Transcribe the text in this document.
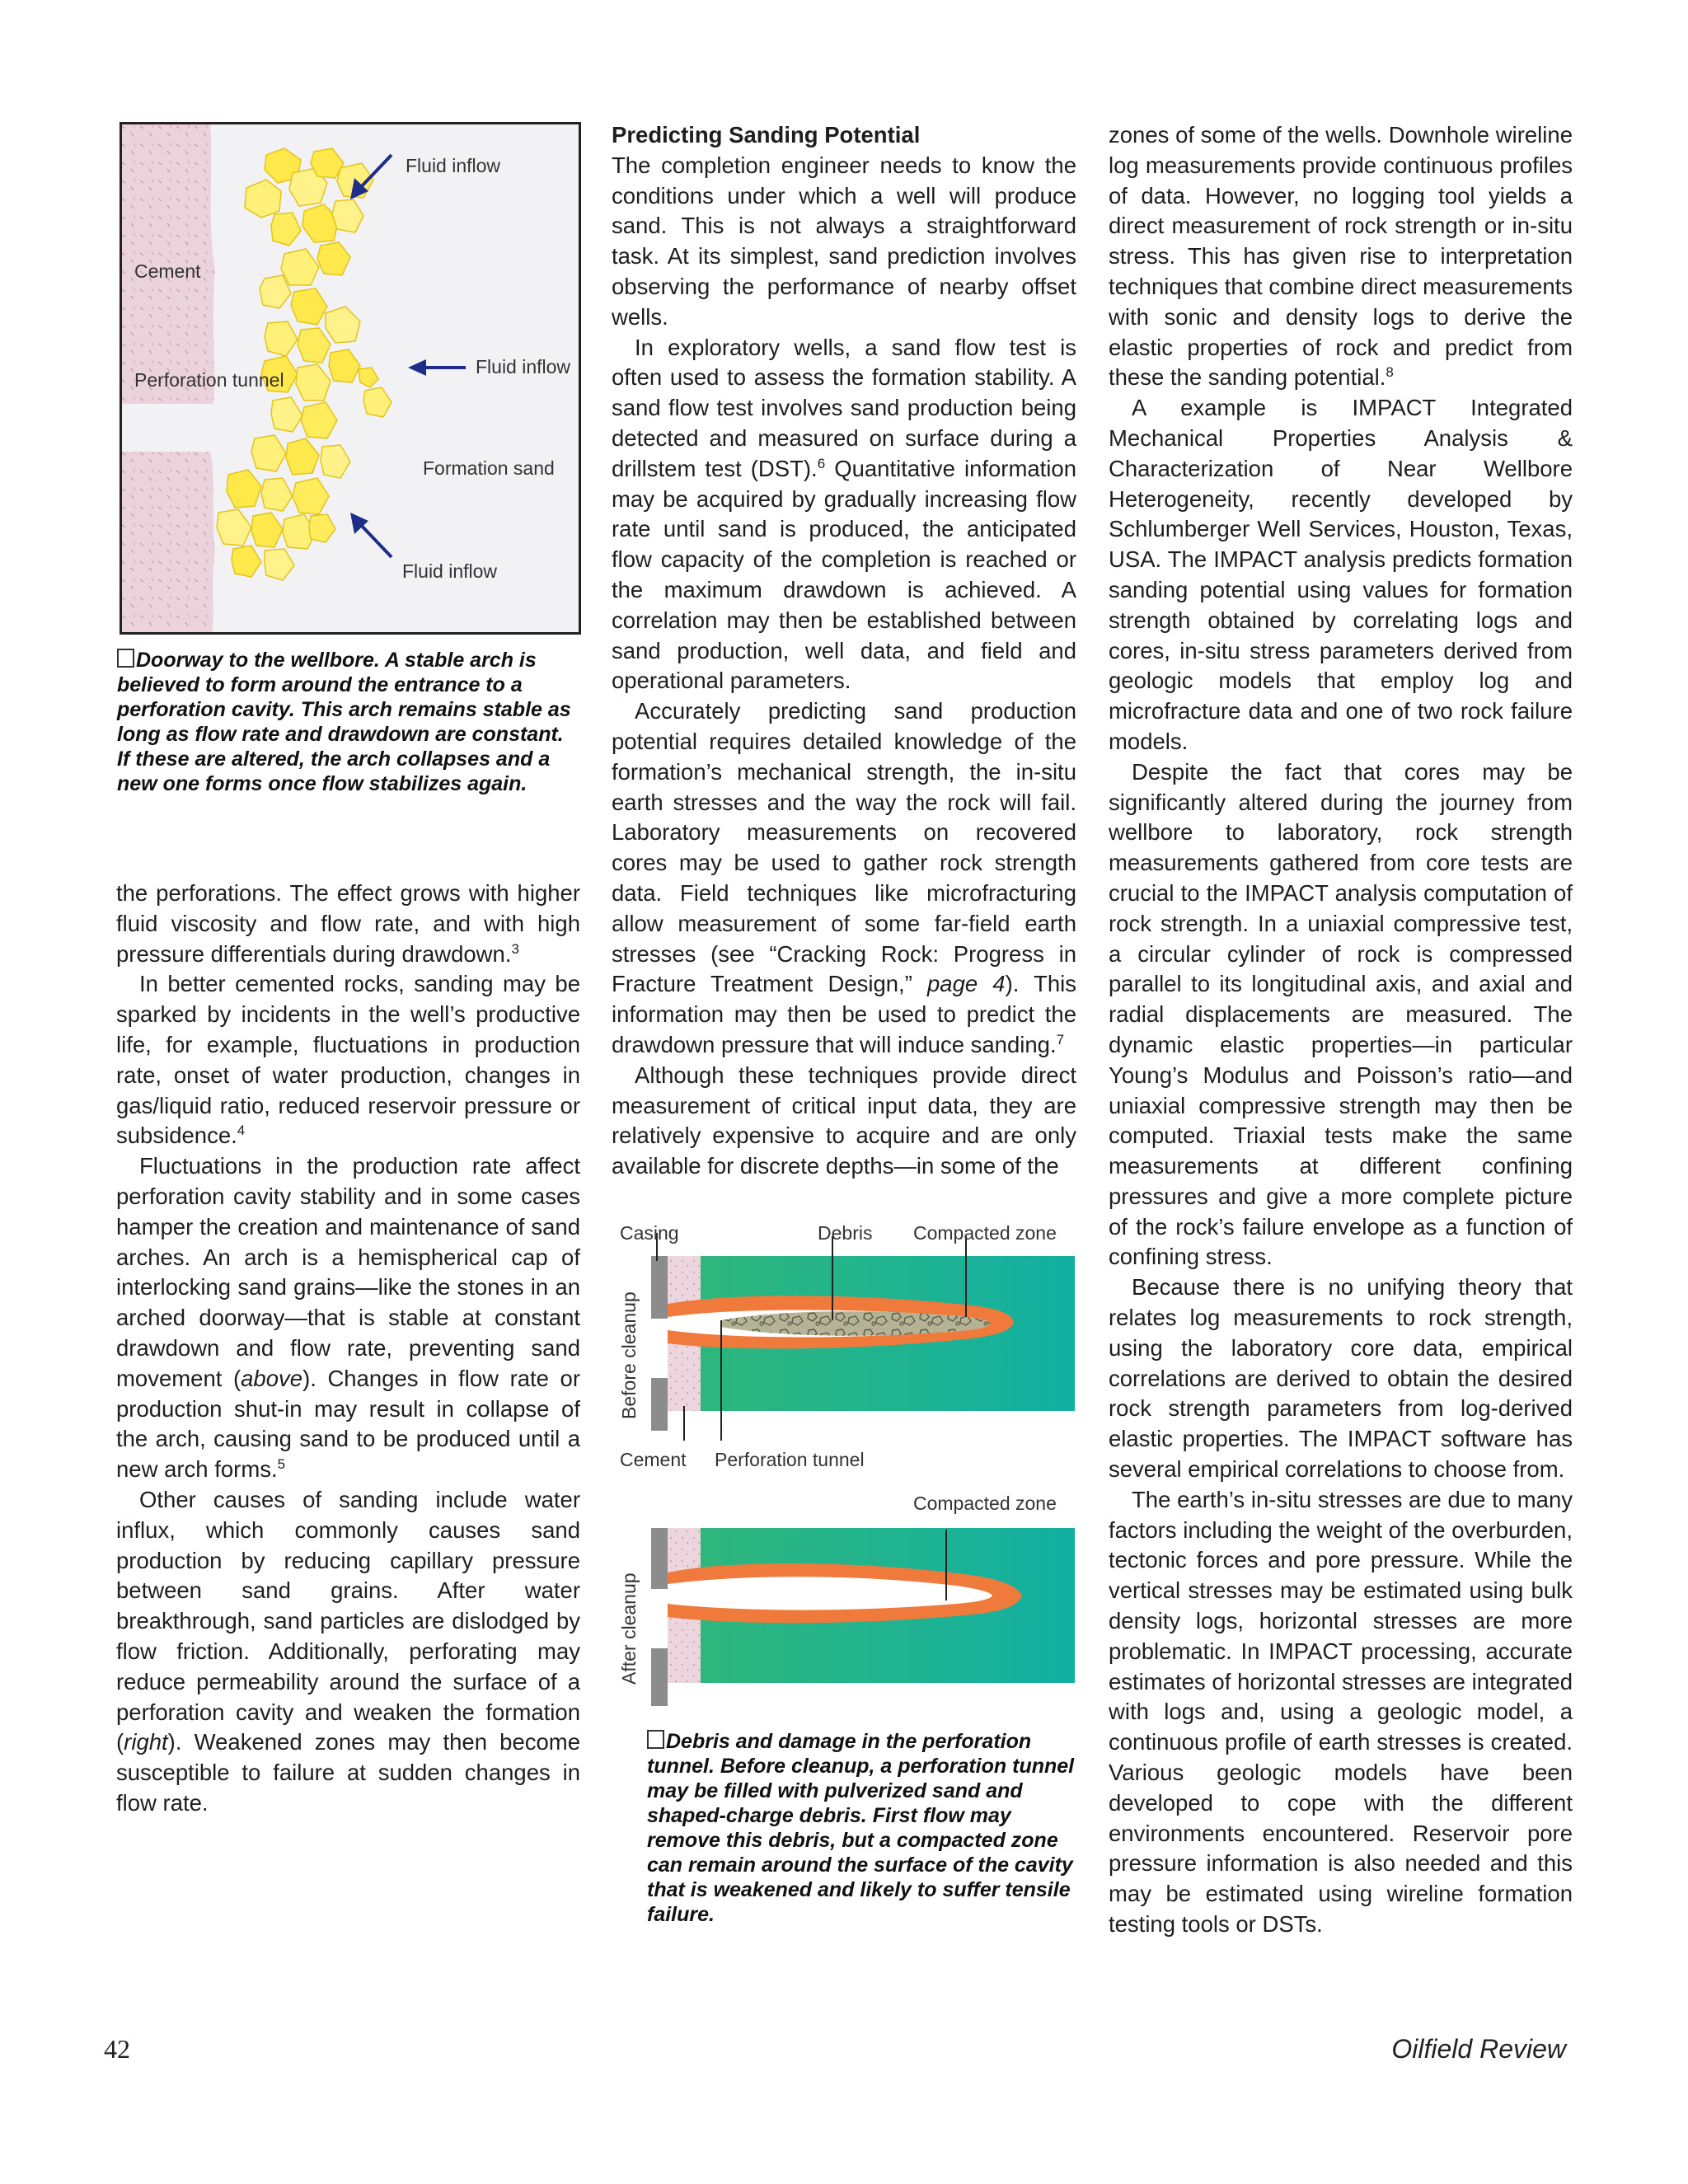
Fluid inflow
Cement
Fluid inflow
Perforation tunnel
Formation sand
Fluid inflow
Doorway to the wellbore. A stable arch is believed to form around the entrance to a perforation cavity. This arch remains stable as long as flow rate and drawdown are constant. If these are altered, the arch collapses and a new one forms once flow stabilizes again.

the perforations. The effect grows with higher fluid viscosity and flow rate, and with high pressure differentials during drawdown.$^3$

In better cemented rocks, sanding may be sparked by incidents in the well’s productive life, for example, fluctuations in production rate, onset of water production, changes in gas/liquid ratio, reduced reservoir pressure or subsidence.$^4$

Fluctuations in the production rate affect perforation cavity stability and in some cases hamper the creation and maintenance of sand arches. An arch is a hemispherical cap of interlocking sand grains—like the stones in an arched doorway—that is stable at constant drawdown and flow rate, preventing sand movement (above). Changes in flow rate or production shut-in may result in collapse of the arch, causing sand to be produced until a new arch forms.$^5$

Other causes of sanding include water influx, which commonly causes sand production by reducing capillary pressure between sand grains. After water breakthrough, sand particles are dislodged by flow friction. Additionally, perforating may reduce permeability around the surface of a perforation cavity and weaken the formation (right). Weakened zones may then become susceptible to failure at sudden changes in flow rate.

Predicting Sanding Potential

The completion engineer needs to know the conditions under which a well will produce sand. This is not always a straightforward task. At its simplest, sand prediction involves observing the performance of nearby offset wells.

In exploratory wells, a sand flow test is often used to assess the formation stability. A sand flow test involves sand production being detected and measured on surface during a drillstem test (DST).$^6$ Quantitative information may be acquired by gradually increasing flow rate until sand is produced, the anticipated flow capacity of the completion is reached or the maximum drawdown is achieved. A correlation may then be established between sand production, well data, and field and operational parameters.

Accurately predicting sand production potential requires detailed knowledge of the formation’s mechanical strength, the in-situ earth stresses and the way the rock will fail. Laboratory measurements on recovered cores may be used to gather rock strength data. Field techniques like microfracturing allow measurement of some far-field earth stresses (see “Cracking Rock: Progress in Fracture Treatment Design,” page 4). This information may then be used to predict the drawdown pressure that will induce sanding.$^7$

Although these techniques provide direct measurement of critical input data, they are relatively expensive to acquire and are only available for discrete depths—in some of the

Casing	Debris Compacted zone
Before cleanup
Cement Perforation tunnel
Compacted zone
After cleanup
Debris and damage in the perforation tunnel. Before cleanup, a perforation tunnel may be filled with pulverized sand and shaped-charge debris. First flow may remove this debris, but a compacted zone can remain around the surface of the cavity that is weakened and likely to suffer tensile failure.

zones of some of the wells. Downhole wireline log measurements provide continuous profiles of data. However, no logging tool yields a direct measurement of rock strength or in-situ stress. This has given rise to interpretation techniques that combine direct measurements with sonic and density logs to derive the elastic properties of rock and predict from these the sanding potential.$^8$

A example is IMPACT Integrated Mechanical Properties Analysis & Characterization of Near Wellbore Heterogeneity, recently developed by Schlumberger Well Services, Houston, Texas, USA. The IMPACT analysis predicts formation sanding potential using values for formation strength obtained by correlating logs and cores, in-situ stress parameters derived from geologic models that employ log and microfracture data and one of two rock failure models.

Despite the fact that cores may be significantly altered during the journey from wellbore to laboratory, rock strength measurements gathered from core tests are crucial to the IMPACT analysis computation of rock strength. In a uniaxial compressive test, a circular cylinder of rock is compressed parallel to its longitudinal axis, and axial and radial displacements are measured. The dynamic elastic properties—in particular Young’s Modulus and Poisson’s ratio—and uniaxial compressive strength may then be computed. Triaxial tests make the same measurements at different confining pressures and give a more complete picture of the rock’s failure envelope as a function of confining stress.

Because there is no unifying theory that relates log measurements to rock strength, using the laboratory core data, empirical correlations are derived to obtain the desired rock strength parameters from log-derived elastic properties. The IMPACT software has several empirical correlations to choose from.

The earth’s in-situ stresses are due to many factors including the weight of the overburden, tectonic forces and pore pressure. While the vertical stresses may be estimated using bulk density logs, horizontal stresses are more problematic. In IMPACT processing, accurate estimates of horizontal stresses are integrated with logs and, using a geologic model, a continuous profile of earth stresses is created. Various geologic models have been developed to cope with the different environments encountered. Reservoir pore pressure information is also needed and this may be estimated using wireline formation testing tools or DSTs.

42	Oilfield Review
